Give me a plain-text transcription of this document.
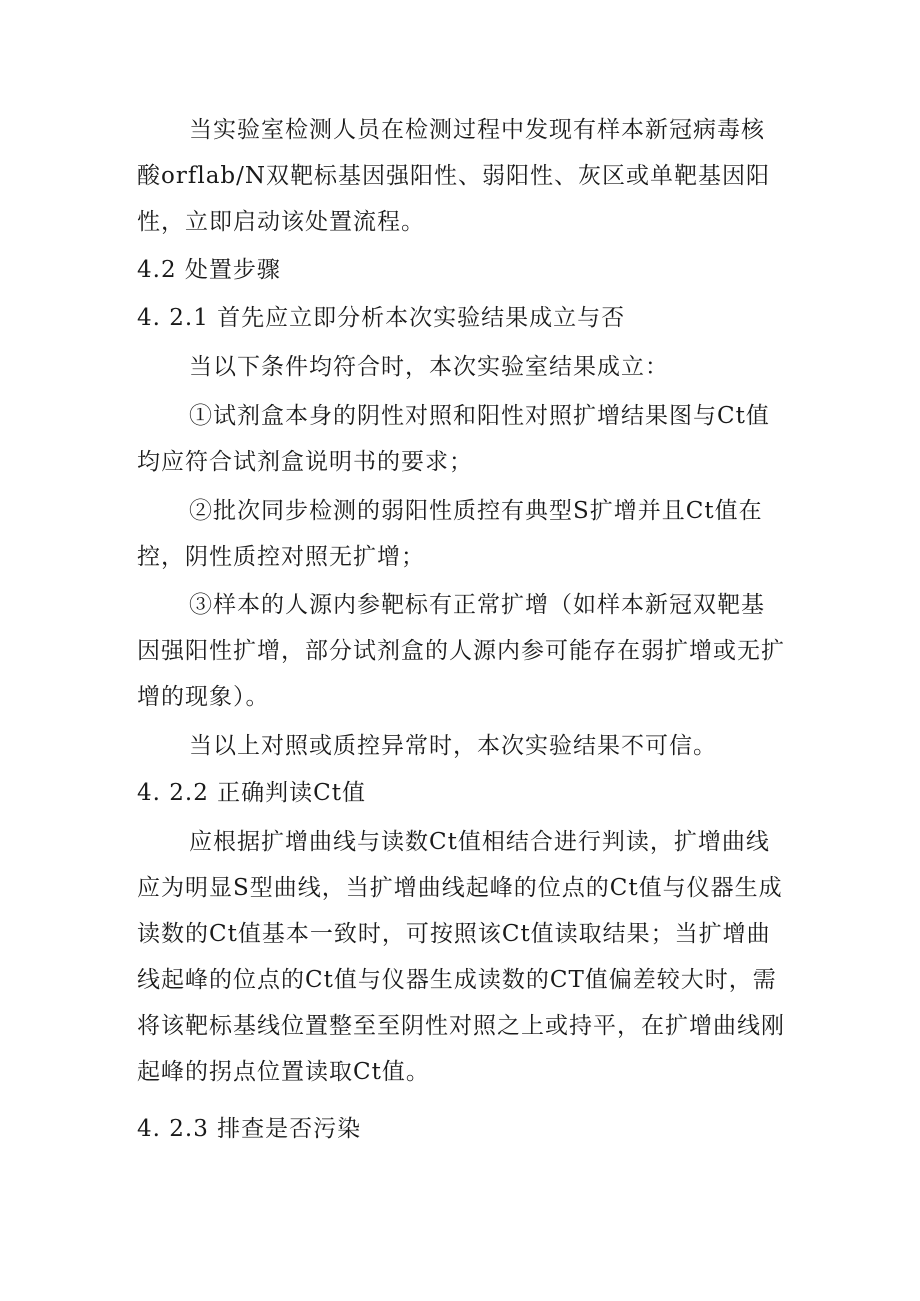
当实验室检测人员在检测过程中发现有样本新冠病毒核酸orflab/N双靶标基因强阳性、弱阳性、灰区或单靶基因阳性，立即启动该处置流程。

4.2 处置步骤

4. 2.1 首先应立即分析本次实验结果成立与否

当以下条件均符合时，本次实验室结果成立：

①试剂盒本身的阴性对照和阳性对照扩增结果图与Ct值均应符合试剂盒说明书的要求；

②批次同步检测的弱阳性质控有典型S扩增并且Ct值在控，阴性质控对照无扩增；

③样本的人源内参靶标有正常扩增（如样本新冠双靶基因强阳性扩增，部分试剂盒的人源内参可能存在弱扩增或无扩增的现象）。

当以上对照或质控异常时，本次实验结果不可信。

4. 2.2 正确判读Ct值

应根据扩增曲线与读数Ct值相结合进行判读，扩增曲线应为明显S型曲线，当扩增曲线起峰的位点的Ct值与仪器生成读数的Ct值基本一致时，可按照该Ct值读取结果；当扩增曲线起峰的位点的Ct值与仪器生成读数的CT值偏差较大时，需将该靶标基线位置整至至阴性对照之上或持平，在扩增曲线刚起峰的拐点位置读取Ct值。

4. 2.3 排查是否污染
